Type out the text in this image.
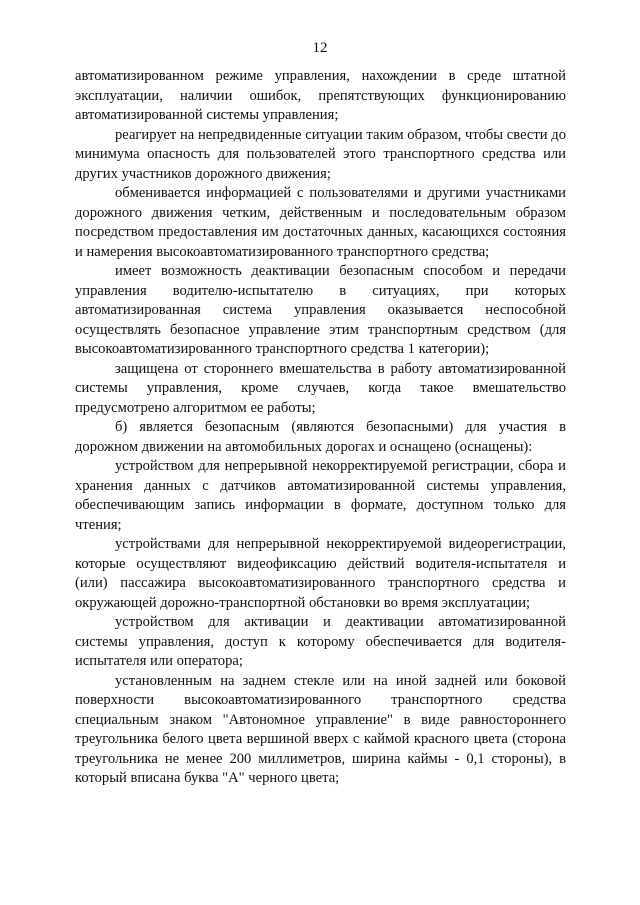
12

автоматизированном режиме управления, нахождении в среде штатной эксплуатации, наличии ошибок, препятствующих функционированию автоматизированной системы управления;

реагирует на непредвиденные ситуации таким образом, чтобы свести до минимума опасность для пользователей этого транспортного средства или других участников дорожного движения;

обменивается информацией с пользователями и другими участниками дорожного движения четким, действенным и последовательным образом посредством предоставления им достаточных данных, касающихся состояния и намерения высокоавтоматизированного транспортного средства;

имеет возможность деактивации безопасным способом и передачи управления водителю-испытателю в ситуациях, при которых автоматизированная система управления оказывается неспособной осуществлять безопасное управление этим транспортным средством (для высокоавтоматизированного транспортного средства 1 категории);

защищена от стороннего вмешательства в работу автоматизированной системы управления, кроме случаев, когда такое вмешательство предусмотрено алгоритмом ее работы;

б) является безопасным (являются безопасными) для участия в дорожном движении на автомобильных дорогах и оснащено (оснащены):

устройством для непрерывной некорректируемой регистрации, сбора и хранения данных с датчиков автоматизированной системы управления, обеспечивающим запись информации в формате, доступном только для чтения;

устройствами для непрерывной некорректируемой видеорегистрации, которые осуществляют видеофиксацию действий водителя-испытателя и (или) пассажира высокоавтоматизированного транспортного средства и окружающей дорожно-транспортной обстановки во время эксплуатации;

устройством для активации и деактивации автоматизированной системы управления, доступ к которому обеспечивается для водителя-испытателя или оператора;

установленным на заднем стекле или на иной задней или боковой поверхности высокоавтоматизированного транспортного средства специальным знаком "Автономное управление" в виде равностороннего треугольника белого цвета вершиной вверх с каймой красного цвета (сторона треугольника не менее 200 миллиметров, ширина каймы - 0,1 стороны), в который вписана буква "А" черного цвета;
